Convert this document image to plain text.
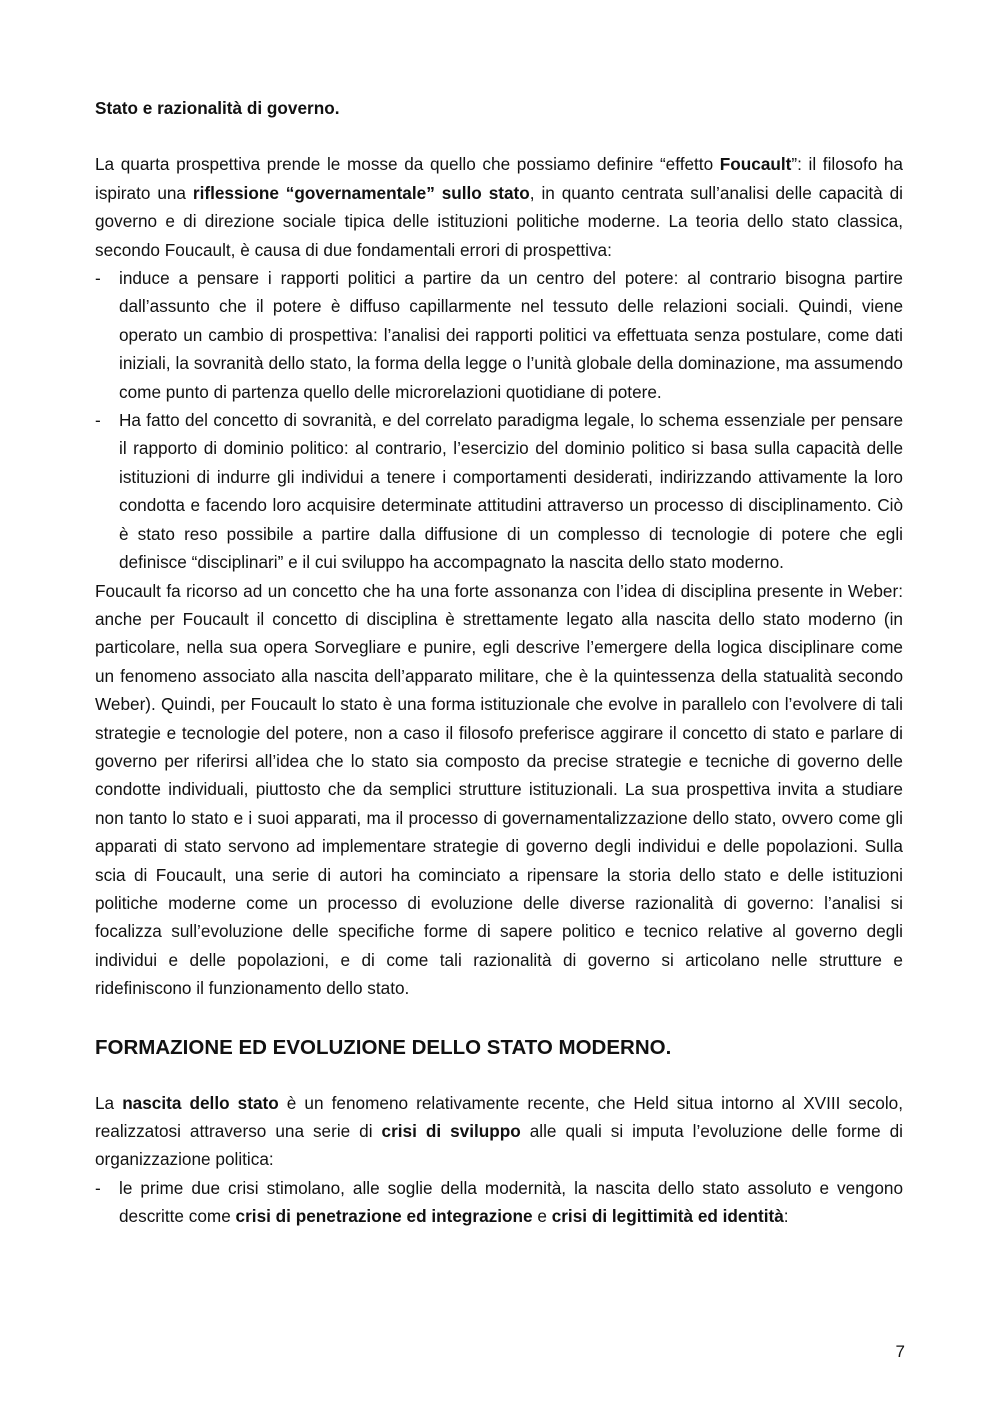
Stato e razionalità di governo.

La quarta prospettiva prende le mosse da quello che possiamo definire “effetto Foucault”: il filosofo ha ispirato una riflessione “governamentale” sullo stato, in quanto centrata sull’analisi delle capacità di governo e di direzione sociale tipica delle istituzioni politiche moderne. La teoria dello stato classica, secondo Foucault, è causa di due fondamentali errori di prospettiva:

- induce a pensare i rapporti politici a partire da un centro del potere: al contrario bisogna partire dall’assunto che il potere è diffuso capillarmente nel tessuto delle relazioni sociali. Quindi, viene operato un cambio di prospettiva: l’analisi dei rapporti politici va effettuata senza postulare, come dati iniziali, la sovranità dello stato, la forma della legge o l’unità globale della dominazione, ma assumendo come punto di partenza quello delle microrelazioni quotidiane di potere.
- Ha fatto del concetto di sovranità, e del correlato paradigma legale, lo schema essenziale per pensare il rapporto di dominio politico: al contrario, l’esercizio del dominio politico si basa sulla capacità delle istituzioni di indurre gli individui a tenere i comportamenti desiderati, indirizzando attivamente la loro condotta e facendo loro acquisire determinate attitudini attraverso un processo di disciplinamento. Ciò è stato reso possibile a partire dalla diffusione di un complesso di tecnologie di potere che egli definisce “disciplinari” e il cui sviluppo ha accompagnato la nascita dello stato moderno.

Foucault fa ricorso ad un concetto che ha una forte assonanza con l’idea di disciplina presente in Weber: anche per Foucault il concetto di disciplina è strettamente legato alla nascita dello stato moderno (in particolare, nella sua opera Sorvegliare e punire, egli descrive l’emergere della logica disciplinare come un fenomeno associato alla nascita dell’apparato militare, che è la quintessenza della statualità secondo Weber). Quindi, per Foucault lo stato è una forma istituzionale che evolve in parallelo con l’evolvere di tali strategie e tecnologie del potere, non a caso il filosofo preferisce aggirare il concetto di stato e parlare di governo per riferirsi all’idea che lo stato sia composto da precise strategie e tecniche di governo delle condotte individuali, piuttosto che da semplici strutture istituzionali. La sua prospettiva invita a studiare non tanto lo stato e i suoi apparati, ma il processo di governamentalizzazione dello stato, ovvero come gli apparati di stato servono ad implementare strategie di governo degli individui e delle popolazioni. Sulla scia di Foucault, una serie di autori ha cominciato a ripensare la storia dello stato e delle istituzioni politiche moderne come un processo di evoluzione delle diverse razionalità di governo: l’analisi si focalizza sull’evoluzione delle specifiche forme di sapere politico e tecnico relative al governo degli individui e delle popolazioni, e di come tali razionalità di governo si articolano nelle strutture e ridefiniscono il funzionamento dello stato.

FORMAZIONE ED EVOLUZIONE DELLO STATO MODERNO.

La nascita dello stato è un fenomeno relativamente recente, che Held situa intorno al XVIII secolo, realizzatosi attraverso una serie di crisi di sviluppo alle quali si imputa l’evoluzione delle forme di organizzazione politica:

- le prime due crisi stimolano, alle soglie della modernità, la nascita dello stato assoluto e vengono descritte come crisi di penetrazione ed integrazione e crisi di legittimità ed identità:
7
